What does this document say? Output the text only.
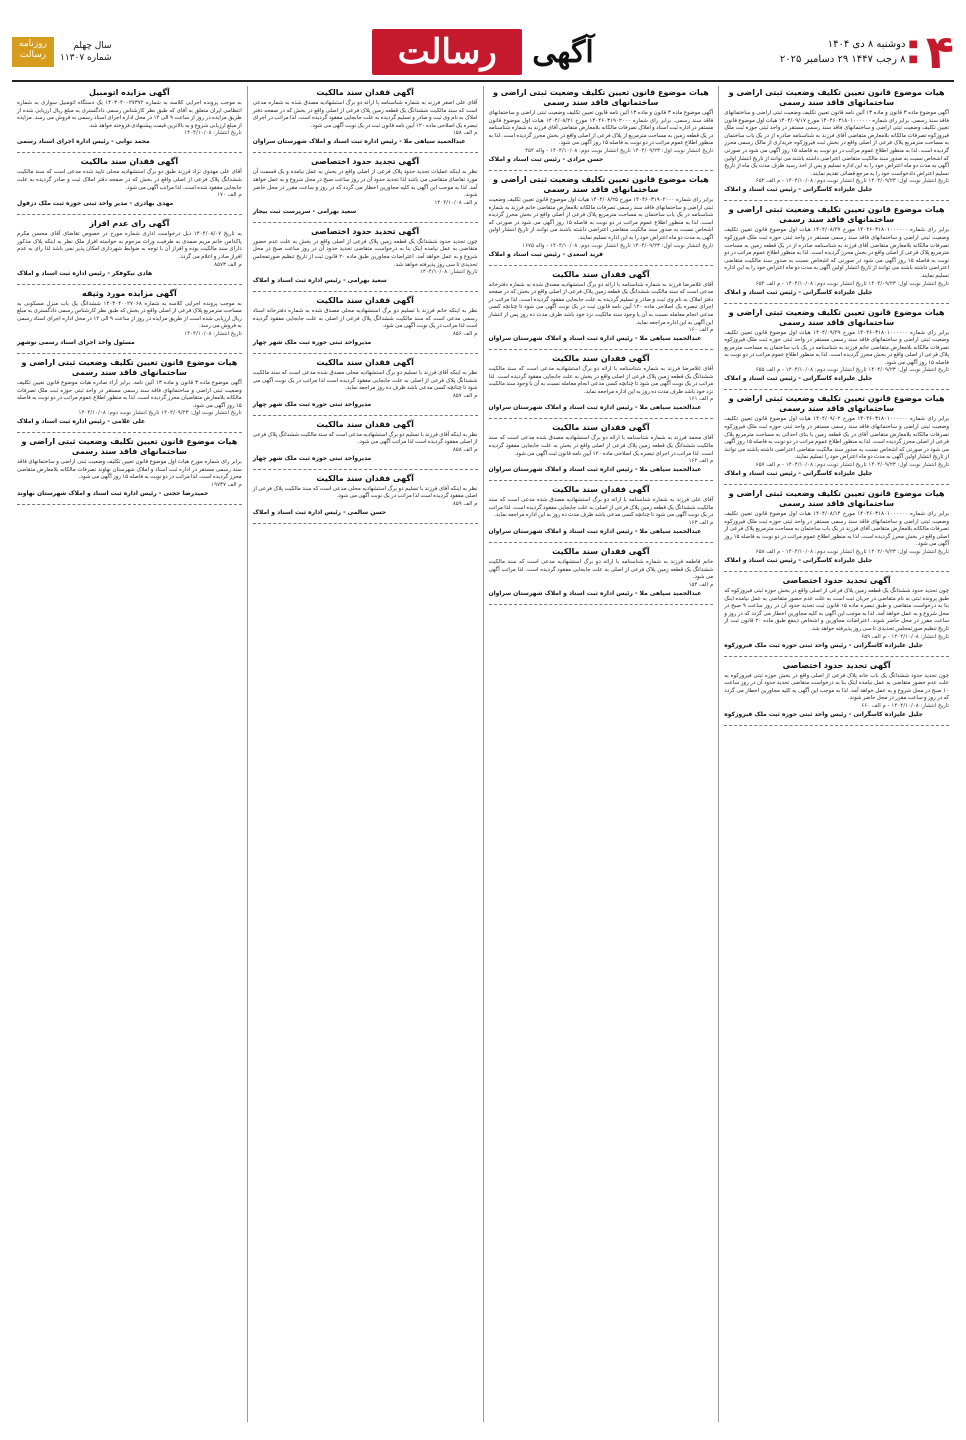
روزنامه رسالت
سال چهلم
شماره ۱۱۳۰۷	رسالت	آگهی	■دوشنبه ۸ دی ۱۴۰۴
■۸ رجب ۱۴۴۷ ۲۹ دسامبر ۲۰۲۵ ۴
هیات موضوع قانون تعیین تکلیف وضعیت ثبتی اراضی و ساختمانهای فاقد سند رسمی
آگهی موضوع ماده ۳ قانون و ماده ۱۳ آئین نامه قانون تعیین تکلیف وضعیت ثبتی اراضی و ساختمانهای فاقد سند رسمی. برابر رای شماره ۱۴۰۴۶۰۳۱۸۰۱۰۰۰۰۰۰ مورخ ۱۴۰۴/۰۹/۱۷ هیات اول موضوع قانون تعیین تکلیف وضعیت ثبتی اراضی و ساختمانهای فاقد سند رسمی مستقر در واحد ثبتی حوزه ثبت ملک فیروزکوه تصرفات مالکانه بلامعارض متقاضی آقای فرزند به شناسنامه صادره از در یک باب ساختمان به مساحت مترمربع پلاک فرعی از اصلی واقع در بخش ثبت فیروزکوه خریداری از مالک رسمی محرز گردیده است. لذا به منظور اطلاع عموم مراتب در دو نوبت به فاصله ۱۵ روز آگهی می شود در صورتی که اشخاص نسبت به صدور سند مالکیت متقاضی اعتراضی داشته باشند می توانند از تاریخ انتشار اولین آگهی به مدت دو ماه اعتراض خود را به این اداره تسلیم و پس از اخذ رسید ظرف مدت یک ماه از تاریخ تسلیم اعتراض دادخواست خود را به مرجع قضائی تقدیم نمایند.
تاریخ انتشار نوبت اول: ۱۴۰۴/۰۹/۲۳ تاریخ انتشار نوبت دوم: ۱۴۰۴/۱۰/۰۸ - م الف ۶۵۲
جلیل علیزاده کاسگرانی - رئیس ثبت اسناد و املاک
هیات موضوع قانون تعیین تکلیف وضعیت ثبتی اراضی و ساختمانهای فاقد سند رسمی
برابر رای شماره ۱۴۰۴۶۰۳۱۸۰۱۰۰۰۰۰۰ مورخ ۱۴۰۴/۰۸/۲۷ هیات اول موضوع قانون تعیین تکلیف وضعیت ثبتی اراضی و ساختمانهای فاقد سند رسمی مستقر در واحد ثبتی حوزه ثبت ملک فیروزکوه تصرفات مالکانه بلامعارض متقاضی آقای فرزند به شناسنامه صادره از در یک قطعه زمین به مساحت مترمربع پلاک فرعی از اصلی واقع در بخش محرز گردیده است. لذا به منظور اطلاع عموم مراتب در دو نوبت به فاصله ۱۵ روز آگهی می شود در صورتی که اشخاص نسبت به صدور سند مالکیت متقاضی اعتراضی داشته باشند می توانند از تاریخ انتشار اولین آگهی به مدت دو ماه اعتراض خود را به این اداره تسلیم نمایند.
تاریخ انتشار نوبت اول: ۱۴۰۴/۰۹/۲۳ تاریخ انتشار نوبت دوم: ۱۴۰۴/۱۰/۰۸ - م الف ۶۵۴
جلیل علیزاده کاسگرانی - رئیس ثبت اسناد و املاک
هیات موضوع قانون تعیین تکلیف وضعیت ثبتی اراضی و ساختمانهای فاقد سند رسمی
برابر رای شماره ۱۴۰۴۶۰۳۱۸۰۱۰۰۰۰۰۰ مورخ ۱۴۰۴/۰۹/۲۹ هیات اول موضوع قانون تعیین تکلیف وضعیت ثبتی اراضی و ساختمانهای فاقد سند رسمی مستقر در واحد ثبتی حوزه ثبت ملک فیروزکوه تصرفات مالکانه بلامعارض متقاضی خانم فرزند به شناسنامه در یک باب ساختمان به مساحت مترمربع پلاک فرعی از اصلی واقع در بخش محرز گردیده است. لذا به منظور اطلاع عموم مراتب در دو نوبت به فاصله ۱۵ روز آگهی می شود.
تاریخ انتشار نوبت اول: ۱۴۰۴/۰۹/۲۳ تاریخ انتشار نوبت دوم: ۱۴۰۴/۱۰/۰۸ - م الف ۶۵۵
جلیل علیزاده کاسگرانی - رئیس ثبت اسناد و املاک
هیات موضوع قانون تعیین تکلیف وضعیت ثبتی اراضی و ساختمانهای فاقد سند رسمی
برابر رای شماره ۱۴۰۴۶۰۳۱۸۰۱۰۰۰۰۰۰ مورخ ۱۴۰۴/۰۹/۰۲ هیات اول موضوع قانون تعیین تکلیف وضعیت ثبتی اراضی و ساختمانهای فاقد سند رسمی مستقر در واحد ثبتی حوزه ثبت ملک فیروزکوه تصرفات مالکانه بلامعارض متقاضی آقای در یک قطعه زمین با بنای احداثی به مساحت مترمربع پلاک فرعی از اصلی محرز گردیده است. لذا به منظور اطلاع عموم مراتب در دو نوبت به فاصله ۱۵ روز آگهی می شود در صورتی که اشخاص نسبت به صدور سند مالکیت متقاضی اعتراضی داشته باشند می توانند از تاریخ انتشار اولین آگهی به مدت دو ماه اعتراض خود را تسلیم نمایند.
تاریخ انتشار نوبت اول: ۱۴۰۴/۰۹/۲۳ تاریخ انتشار نوبت دوم: ۱۴۰۴/۱۰/۰۸ - م الف ۶۵۷
جلیل علیزاده کاسگرانی - رئیس ثبت اسناد و املاک
هیات موضوع قانون تعیین تکلیف وضعیت ثبتی اراضی و ساختمانهای فاقد سند رسمی
برابر رای شماره ۱۴۰۴۶۰۳۱۸۰۱۰۰۰۰۰۰ مورخ ۱۴۰۴/۰۸/۱۴ هیات اول موضوع قانون تعیین تکلیف وضعیت ثبتی اراضی و ساختمانهای فاقد سند رسمی مستقر در واحد ثبتی حوزه ثبت ملک فیروزکوه تصرفات مالکانه بلامعارض متقاضی آقای فرزند در یک باب ساختمان به مساحت مترمربع پلاک فرعی از اصلی واقع در بخش محرز گردیده است. لذا به منظور اطلاع عموم مراتب در دو نوبت به فاصله ۱۵ روز آگهی می شود.
تاریخ انتشار نوبت اول: ۱۴۰۴/۰۹/۲۳ تاریخ انتشار نوبت دوم: ۱۴۰۴/۱۰/۰۸ - م الف ۶۵۸
جلیل علیزاده کاسگرانی - رئیس ثبت اسناد و املاک
آگهی تحدید حدود اختصاصی
چون تحدید حدود ششدانگ یک قطعه زمین پلاک فرعی از اصلی واقع در بخش حوزه ثبتی فیروزکوه که طبق پرونده ثبتی به نام متقاضی در جریان ثبت است به علت عدم حضور متقاضی به عمل نیامده اینک بنا به درخواست متقاضی و طبق تبصره ماده ۱۵ قانون ثبت تحدید حدود آن در روز ساعت ۹ صبح در محل شروع و به عمل خواهد آمد. لذا به موجب این آگهی به کلیه مجاورین اخطار می گردد که در روز و ساعت مقرر در محل حاضر شوند. اعتراضات مجاورین و اشخاص ذینفع طبق ماده ۲۰ قانون ثبت از تاریخ تنظیم صورتمجلس تحدیدی تا سی روز پذیرفته خواهد شد.
تاریخ انتشار: ۱۴۰۴/۱۰/۰۸ - م الف ۶۵۹
جلیل علیزاده کاسگرانی - رئیس واحد ثبتی حوزه ثبت ملک فیروزکوه
آگهی تحدید حدود اختصاصی
چون تحدید حدود ششدانگ یک باب خانه پلاک فرعی از اصلی واقع در بخش حوزه ثبتی فیروزکوه به علت عدم حضور متقاضی به عمل نیامده اینک بنا به درخواست متقاضی تحدید حدود آن در روز ساعت ۱۰ صبح در محل شروع و به عمل خواهد آمد. لذا به موجب این آگهی به کلیه مجاورین اخطار می گردد که در روز و ساعت مقرر در محل حاضر شوند.
تاریخ انتشار: ۱۴۰۴/۱۰/۰۸ - م الف ۶۶۰
جلیل علیزاده کاسگرانی - رئیس واحد ثبتی حوزه ثبت ملک فیروزکوه
هیات موضوع قانون تعیین تکلیف وضعیت ثبتی اراضی و ساختمانهای فاقد سند رسمی
آگهی موضوع ماده ۳ قانون و ماده ۱۳ آئین نامه قانون تعیین تکلیف وضعیت ثبتی اراضی و ساختمانهای فاقد سند رسمی. برابر رای شماره ۱۴۰۴۶۰۳۱۹۰۲۰۰۰ مورخ ۱۴۰۴/۰۸/۲۱ هیات اول موضوع قانون مستقر در اداره ثبت اسناد و املاک تصرفات مالکانه بلامعارض متقاضی آقای فرزند به شماره شناسنامه در یک قطعه زمین به مساحت مترمربع از پلاک فرعی از اصلی واقع در بخش محرز گردیده است. لذا به منظور اطلاع عموم مراتب در دو نوبت به فاصله ۱۵ روز آگهی می شود.
تاریخ انتشار نوبت اول: ۱۴۰۴/۰۹/۲۳ تاریخ انتشار نوبت دوم: ۱۴۰۴/۱۰/۰۸ - واله ۴۵۴
حسن مرادی - رئیس ثبت اسناد و املاک
هیات موضوع قانون تعیین تکلیف وضعیت ثبتی اراضی و ساختمانهای فاقد سند رسمی
برابر رای شماره ۱۴۰۴۶۰۳۱۹۰۲۰۰۰ مورخ ۱۴۰۴/۰۸/۲۵ هیات اول موضوع قانون تعیین تکلیف وضعیت ثبتی اراضی و ساختمانهای فاقد سند رسمی تصرفات مالکانه بلامعارض متقاضی خانم فرزند به شماره شناسنامه در یک باب ساختمان به مساحت مترمربع پلاک فرعی از اصلی واقع در بخش محرز گردیده است. لذا به منظور اطلاع عموم مراتب در دو نوبت به فاصله ۱۵ روز آگهی می شود در صورتی که اشخاص نسبت به صدور سند مالکیت متقاضی اعتراضی داشته باشند می توانند از تاریخ انتشار اولین آگهی به مدت دو ماه اعتراض خود را به این اداره تسلیم نمایند.
تاریخ انتشار نوبت اول: ۱۴۰۴/۰۹/۲۳ تاریخ انتشار نوبت دوم: ۱۴۰۴/۱۰/۰۸ - واله ۱۶۷۵
فرید اسعدی - رئیس ثبت اسناد و املاک
آگهی فقدان سند مالکیت
آقای غلامرضا فرزند به شماره شناسنامه با ارائه دو برگ استشهادیه مصدق شده به شماره دفترخانه مدعی است که سند مالکیت ششدانگ یک قطعه زمین پلاک فرعی از اصلی واقع در بخش که در صفحه دفتر املاک به نام وی ثبت و صادر و تسلیم گردیده به علت جابجایی مفقود گردیده است. لذا مراتب در اجرای تبصره یک اصلاحی ماده ۱۲۰ آیین نامه قانون ثبت در یک نوبت آگهی می شود تا چنانچه کسی مدعی انجام معامله نسبت به آن یا وجود سند مالکیت نزد خود باشد ظرف مدت ده روز پس از انتشار این آگهی به این اداره مراجعه نماید.
م الف ۱۶۰
عبدالحمید سیاهی ملا - رئیس اداره ثبت اسناد و املاک شهرستان سراوان
آگهی فقدان سند مالکیت
آقای غلامرضا فرزند به شماره شناسنامه با ارائه دو برگ استشهادیه مدعی است که سند مالکیت ششدانگ یک قطعه زمین پلاک فرعی از اصلی واقع در بخش به علت جابجایی مفقود گردیده است. لذا مراتب در یک نوبت آگهی می شود تا چنانچه کسی مدعی انجام معامله نسبت به آن یا وجود سند مالکیت نزد خود باشد ظرف مدت ده روز به این اداره مراجعه نماید.
م الف ۱۶۱
عبدالحمید سیاهی ملا - رئیس اداره ثبت اسناد و املاک شهرستان سراوان
آگهی فقدان سند مالکیت
آقای محمد فرزند به شماره شناسنامه با ارائه دو برگ استشهادیه مصدق شده مدعی است که سند مالکیت ششدانگ یک قطعه زمین پلاک فرعی از اصلی واقع در بخش به علت جابجایی مفقود گردیده است. لذا مراتب در اجرای تبصره یک اصلاحی ماده ۱۲۰ آیین نامه قانون ثبت آگهی می شود.
م الف ۱۶۲
عبدالحمید سیاهی ملا - رئیس اداره ثبت اسناد و املاک شهرستان سراوان
آگهی فقدان سند مالکیت
آقای علی فرزند به شماره شناسنامه با ارائه دو برگ استشهادیه مصدق شده مدعی است که سند مالکیت ششدانگ یک قطعه زمین پلاک فرعی از اصلی به علت جابجایی مفقود گردیده است. لذا مراتب در یک نوبت آگهی می شود تا چنانچه کسی مدعی باشد ظرف مدت ده روز به این اداره مراجعه نماید.
م الف ۱۶۳
عبدالحمید سیاهی ملا - رئیس اداره ثبت اسناد و املاک شهرستان سراوان
آگهی فقدان سند مالکیت
خانم فاطمه فرزند به شماره شناسنامه با ارائه دو برگ استشهادیه مدعی است که سند مالکیت ششدانگ یک قطعه زمین پلاک فرعی از اصلی به علت جابجایی مفقود گردیده است. لذا مراتب آگهی می شود.
م الف ۱۵۴
عبدالحمید سیاهی ملا - رئیس اداره ثبت اسناد و املاک شهرستان سراوان
آگهی فقدان سند مالکیت
آقای علی اصغر فرزند به شماره شناسنامه با ارائه دو برگ استشهادیه مصدق شده به شماره مدعی است که سند مالکیت ششدانگ یک قطعه زمین پلاک فرعی از اصلی واقع در بخش که در صفحه دفتر املاک به نام وی ثبت و صادر و تسلیم گردیده به علت جابجایی مفقود گردیده است. لذا مراتب در اجرای تبصره یک اصلاحی ماده ۱۲۰ آیین نامه قانون ثبت در یک نوبت آگهی می شود.
م الف ۱۵۸
عبدالحمید سیاهی ملا - رئیس اداره ثبت اسناد و املاک شهرستان سراوان
آگهی تجدید حدود اختصاصی
نظر به اینکه عملیات تحدید حدود پلاک فرعی از اصلی واقع در بخش به عمل نیامده و یک قسمت آن مورد تقاضای متقاضی می باشد لذا تحدید حدود آن در روز ساعت صبح در محل شروع و به عمل خواهد آمد. لذا به موجب این آگهی به کلیه مجاورین اخطار می گردد که در روز و ساعت مقرر در محل حاضر شوند.
م الف ۱۴۰۴/۱۰/۰۸
سعید بهرامی - سرپرست ثبت بیجار
آگهی تحدید حدود اختصاصی
چون تحدید حدود ششدانگ یک قطعه زمین پلاک فرعی از اصلی واقع در بخش به علت عدم حضور متقاضی به عمل نیامده اینک بنا به درخواست متقاضی تحدید حدود آن در روز ساعت صبح در محل شروع و به عمل خواهد آمد. اعتراضات مجاورین طبق ماده ۲۰ قانون ثبت از تاریخ تنظیم صورتمجلس تحدیدی تا سی روز پذیرفته خواهد شد.
تاریخ انتشار: ۱۴۰۴/۱۰/۰۸
سعید بهرامی - رئیس اداره ثبت اسناد و املاک
آگهی فقدان سند مالکیت
نظر به اینکه خانم فرزند با تسلیم دو برگ استشهادیه محلی مصدق شده به شماره دفترخانه اسناد رسمی مدعی است که سند مالکیت ششدانگ پلاک فرعی از اصلی به علت جابجایی مفقود گردیده است لذا مراتب در یک نوبت آگهی می شود.
م الف ۸۵۶
مدیرواحد ثبتی حوزه ثبت ملک شهر چهار
آگهی فقدان سند مالکیت
نظر به اینکه آقای فرزند با تسلیم دو برگ استشهادیه محلی مصدق شده مدعی است که سند مالکیت ششدانگ پلاک فرعی از اصلی به علت جابجایی مفقود گردیده است لذا مراتب در یک نوبت آگهی می شود تا چنانچه کسی مدعی باشد ظرف ده روز مراجعه نماید.
م الف ۸۵۷
مدیرواحد ثبتی حوزه ثبت ملک شهر چهار
آگهی فقدان سند مالکیت
نظر به اینکه آقای فرزند با تسلیم دو برگ استشهادیه مدعی است که سند مالکیت ششدانگ پلاک فرعی از اصلی مفقود گردیده است لذا مراتب آگهی می شود.
م الف ۸۵۸
مدیرواحد ثبتی حوزه ثبت ملک شهر چهار
آگهی فقدان سند مالکیت
نظر به اینکه آقای فرزند با تسلیم دو برگ استشهادیه محلی مدعی است که سند مالکیت پلاک فرعی از اصلی مفقود گردیده است لذا مراتب در یک نوبت آگهی می شود.
م الف ۸۵۹
حسن سالمی - رئیس اداره ثبت اسناد و املاک
آگهی مزایده اتومبیل
به موجب پرونده اجرایی کلاسه به شماره ۱۴۰۳۰۴۰۰۲۷۳۷۲ یک دستگاه اتومبیل سواری به شماره انتظامی ایران متعلق به آقای که طبق نظر کارشناس رسمی دادگستری به مبلغ ریال ارزیابی شده از طریق مزایده در روز از ساعت ۹ الی ۱۲ در محل اداره اجرای اسناد رسمی به فروش می رسد. مزایده از مبلغ ارزیابی شروع و به بالاترین قیمت پیشنهادی فروخته خواهد شد.
تاریخ انتشار: ۱۴۰۴/۱۰/۰۸
محمد نوابی - رئیس اداره اجرای اسناد رسمی
آگهی فقدان سند مالکیت
آقای علی مهدوی نژاد فرزند طبق دو برگ استشهادیه محلی تایید شده مدعی است که سند مالکیت ششدانگ پلاک فرعی از اصلی واقع در بخش که در صفحه دفتر املاک ثبت و صادر گردیده به علت جابجایی مفقود شده است. لذا مراتب آگهی می شود.
م الف ۱۷۰
مهدی بهادری - مدیر واحد ثبتی حوزه ثبت ملک دزفول
آگهی رای عدم افراز
به تاریخ ۱۴۰۴/۰۸/۰۷ ذیل درخواست اداری شماره مورخ در خصوص تقاضای آقای محسن مکرم پاکدامن خانم مریم صمدی به طرفیت وراث مرحوم به خواسته افراز ملک نظر به اینکه پلاک مذکور دارای سند مالکیت بوده و افراز آن با توجه به ضوابط شهرداری امکان پذیر نمی باشد لذا رای به عدم افراز صادر و اعلام می گردد.
م الف ۸۵۷۳
هادی نیکوفکر - رئیس اداره ثبت اسناد و املاک
آگهی مزایده مورد وثیقه
به موجب پرونده اجرایی کلاسه به شماره ۱۴۰۳۰۴۰۰۲۷۰۶۸ ششدانگ یک باب منزل مسکونی به مساحت مترمربع پلاک فرعی از اصلی واقع در بخش که طبق نظر کارشناس رسمی دادگستری به مبلغ ریال ارزیابی شده است از طریق مزایده در روز از ساعت ۹ الی ۱۲ در محل اداره اجرای اسناد رسمی به فروش می رسد.
تاریخ انتشار: ۱۴۰۴/۱۰/۰۸
مسئول واحد اجرای اسناد رسمی نوشهر
هیات موضوع قانون تعیین تکلیف وضعیت ثبتی اراضی و ساختمانهای فاقد سند رسمی
آگهی موضوع ماده ۳ قانون و ماده ۱۳ آئین نامه. برابر آراء صادره هیات موضوع قانون تعیین تکلیف وضعیت ثبتی اراضی و ساختمانهای فاقد سند رسمی مستقر در واحد ثبتی حوزه ثبت ملک تصرفات مالکانه بلامعارض متقاضیان محرز گردیده است. لذا به منظور اطلاع عموم مراتب در دو نوبت به فاصله ۱۵ روز آگهی می شود.
تاریخ انتشار نوبت اول: ۱۴۰۴/۰۹/۲۳ تاریخ انتشار نوبت دوم: ۱۴۰۴/۱۰/۰۸
علی غلامی - رئیس اداره ثبت اسناد و املاک
هیات موضوع قانون تعیین تکلیف وضعیت ثبتی اراضی و ساختمانهای فاقد سند رسمی
برابر رای شماره مورخ هیات اول موضوع قانون تعیین تکلیف وضعیت ثبتی اراضی و ساختمانهای فاقد سند رسمی مستقر در اداره ثبت اسناد و املاک شهرستان نهاوند تصرفات مالکانه بلامعارض متقاضی محرز گردیده است. لذا مراتب در دو نوبت به فاصله ۱۵ روز آگهی می شود.
م الف ۱۹۷۳۷
حمیدرضا حجتی - رئیس اداره ثبت اسناد و املاک شهرستان نهاوند
